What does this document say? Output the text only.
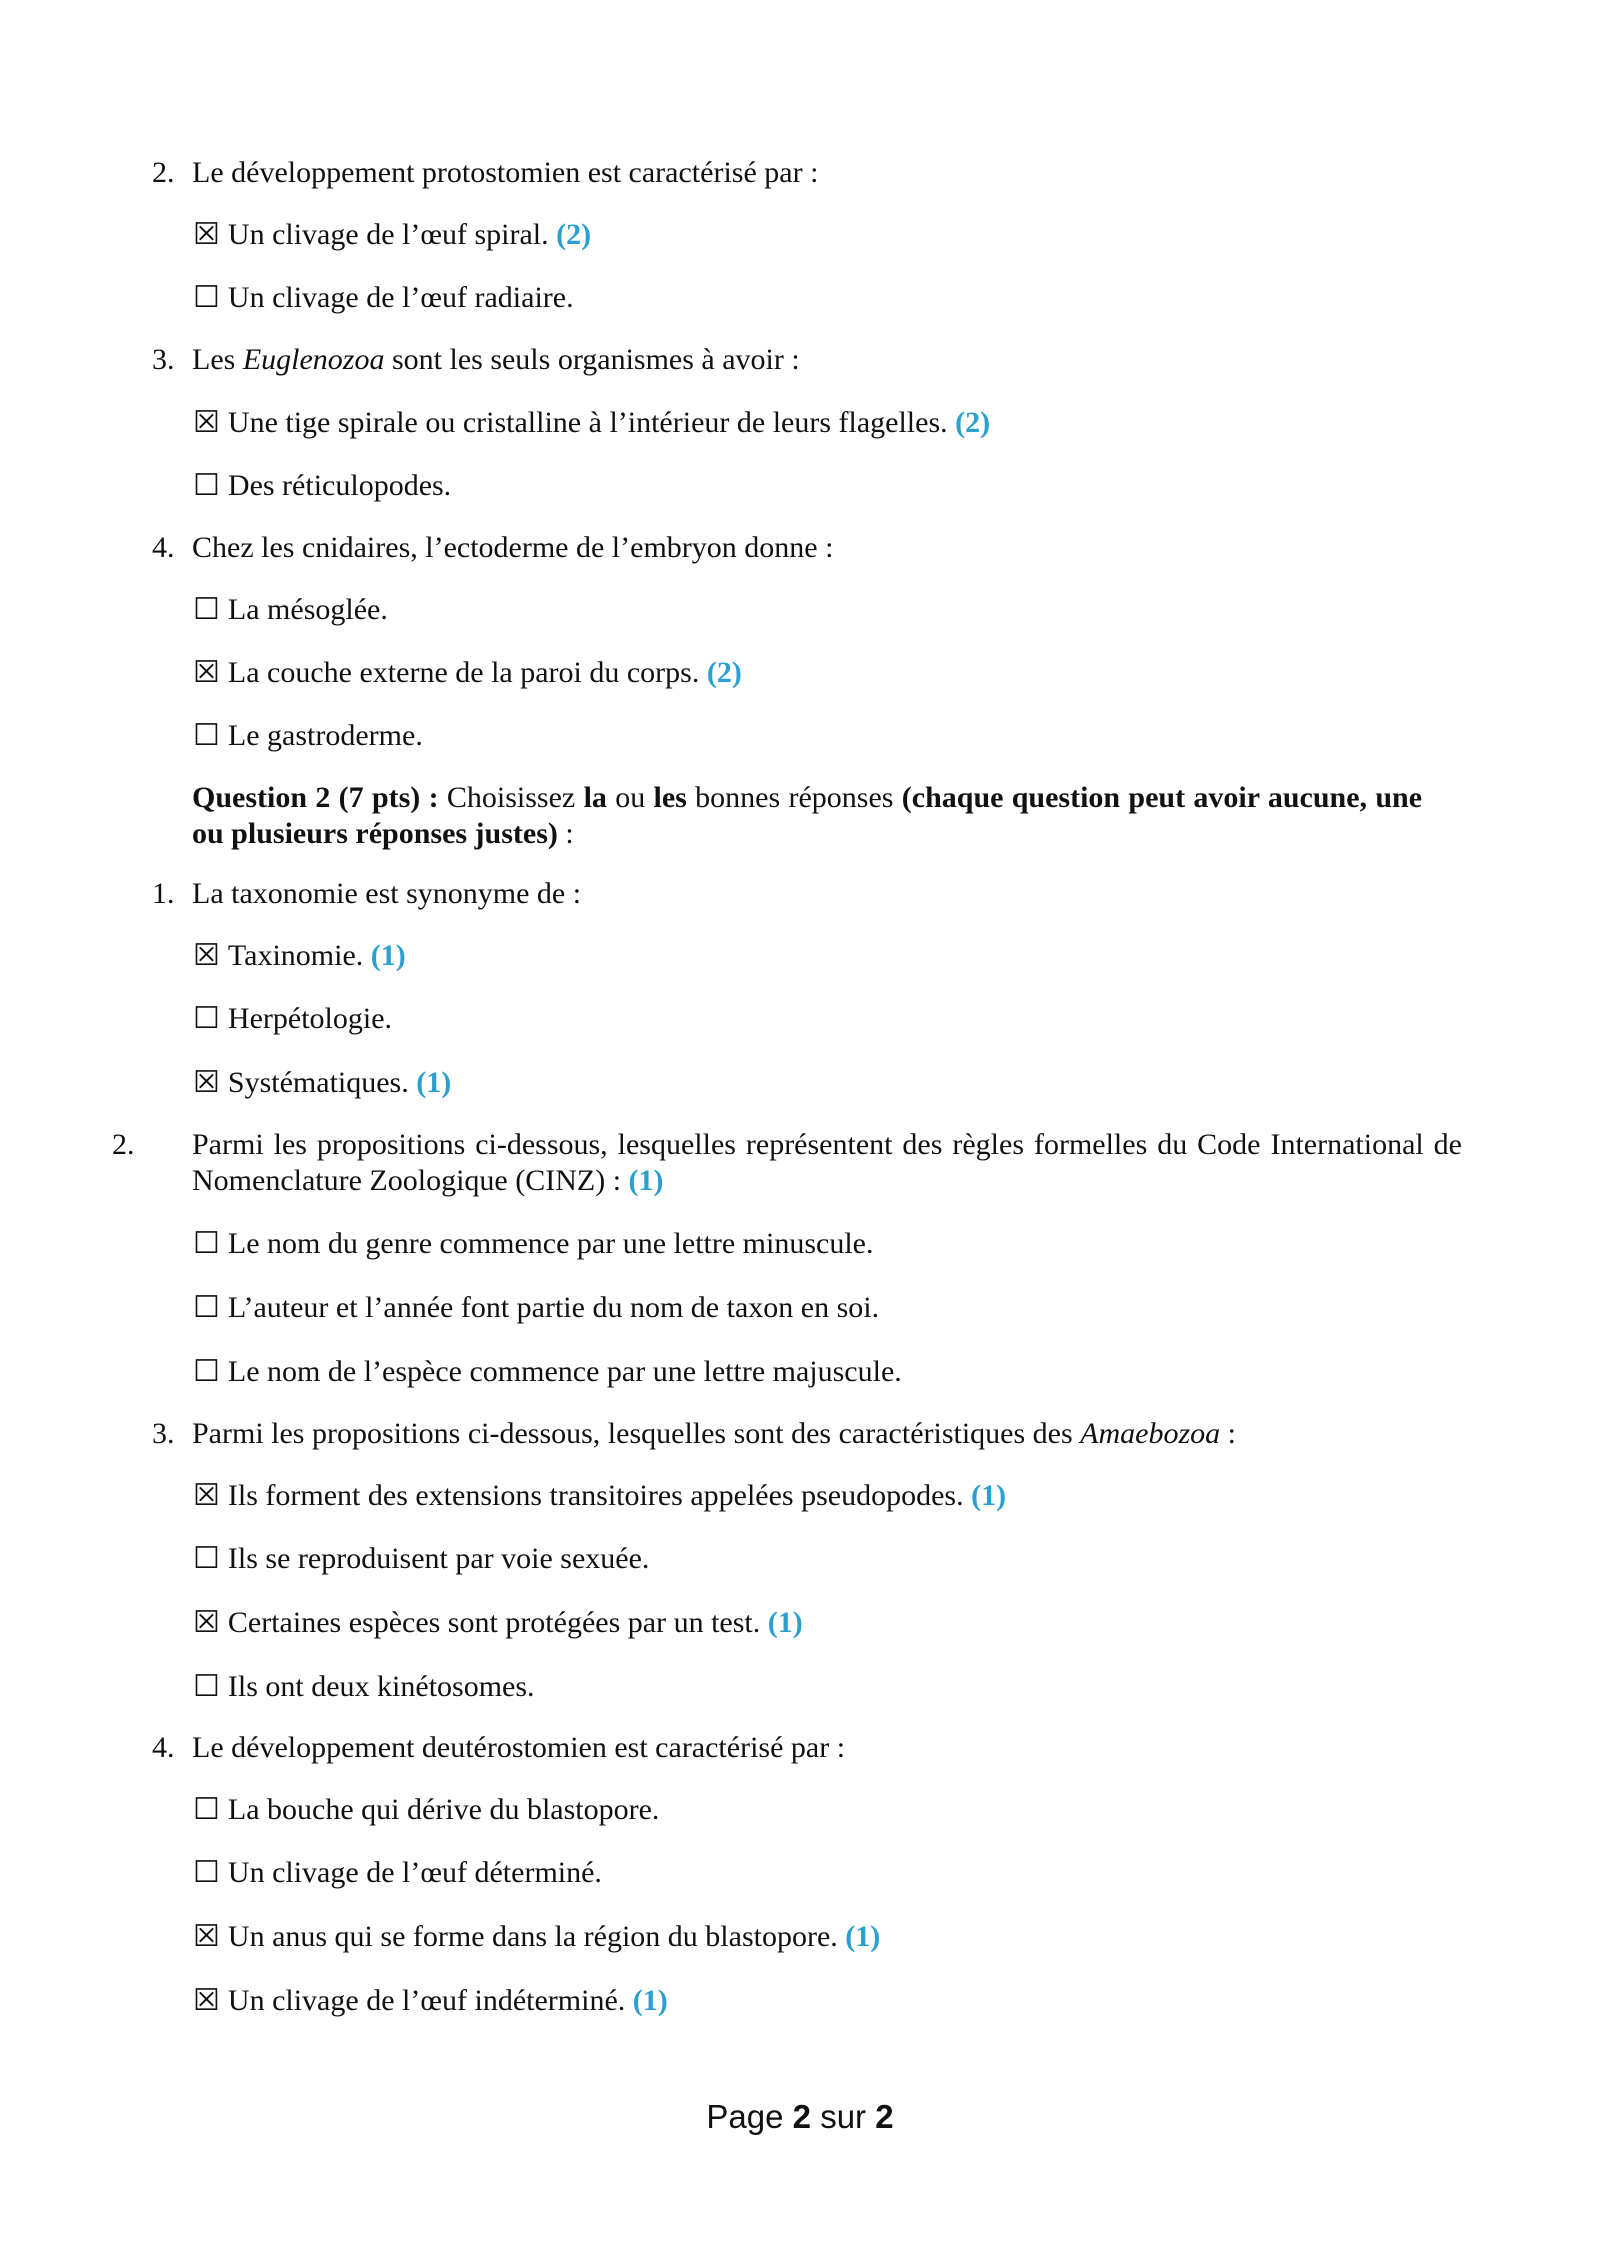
2. Le développement protostomien est caractérisé par :
☒ Un clivage de l’œuf spiral. (2)
☐ Un clivage de l’œuf radiaire.
3. Les Euglenozoa sont les seuls organismes à avoir :
☒ Une tige spirale ou cristalline à l’intérieur de leurs flagelles. (2)
☐ Des réticulopodes.
4. Chez les cnidaires, l’ectoderme de l’embryon donne :
☐ La mésoglée.
☒ La couche externe de la paroi du corps. (2)
☐ Le gastroderme.
Question 2 (7 pts) : Choisissez la ou les bonnes réponses (chaque question peut avoir aucune, une ou plusieurs réponses justes) :
1. La taxonomie est synonyme de :
☒ Taxinomie. (1)
☐ Herpétologie.
☒ Systématiques. (1)
2. Parmi les propositions ci-dessous, lesquelles représentent des règles formelles du Code International de Nomenclature Zoologique (CINZ) : (1)
☐ Le nom du genre commence par une lettre minuscule.
☐ L’auteur et l’année font partie du nom de taxon en soi.
☐ Le nom de l’espèce commence par une lettre majuscule.
3. Parmi les propositions ci-dessous, lesquelles sont des caractéristiques des Amaebozoa :
☒ Ils forment des extensions transitoires appelées pseudopodes. (1)
☐ Ils se reproduisent par voie sexuée.
☒ Certaines espèces sont protégées par un test. (1)
☐ Ils ont deux kinétosomes.
4. Le développement deutérostomien est caractérisé par :
☐ La bouche qui dérive du blastopore.
☐ Un clivage de l’œuf déterminé.
☒ Un anus qui se forme dans la région du blastopore. (1)
☒ Un clivage de l’œuf indéterminé. (1)
Page 2 sur 2
